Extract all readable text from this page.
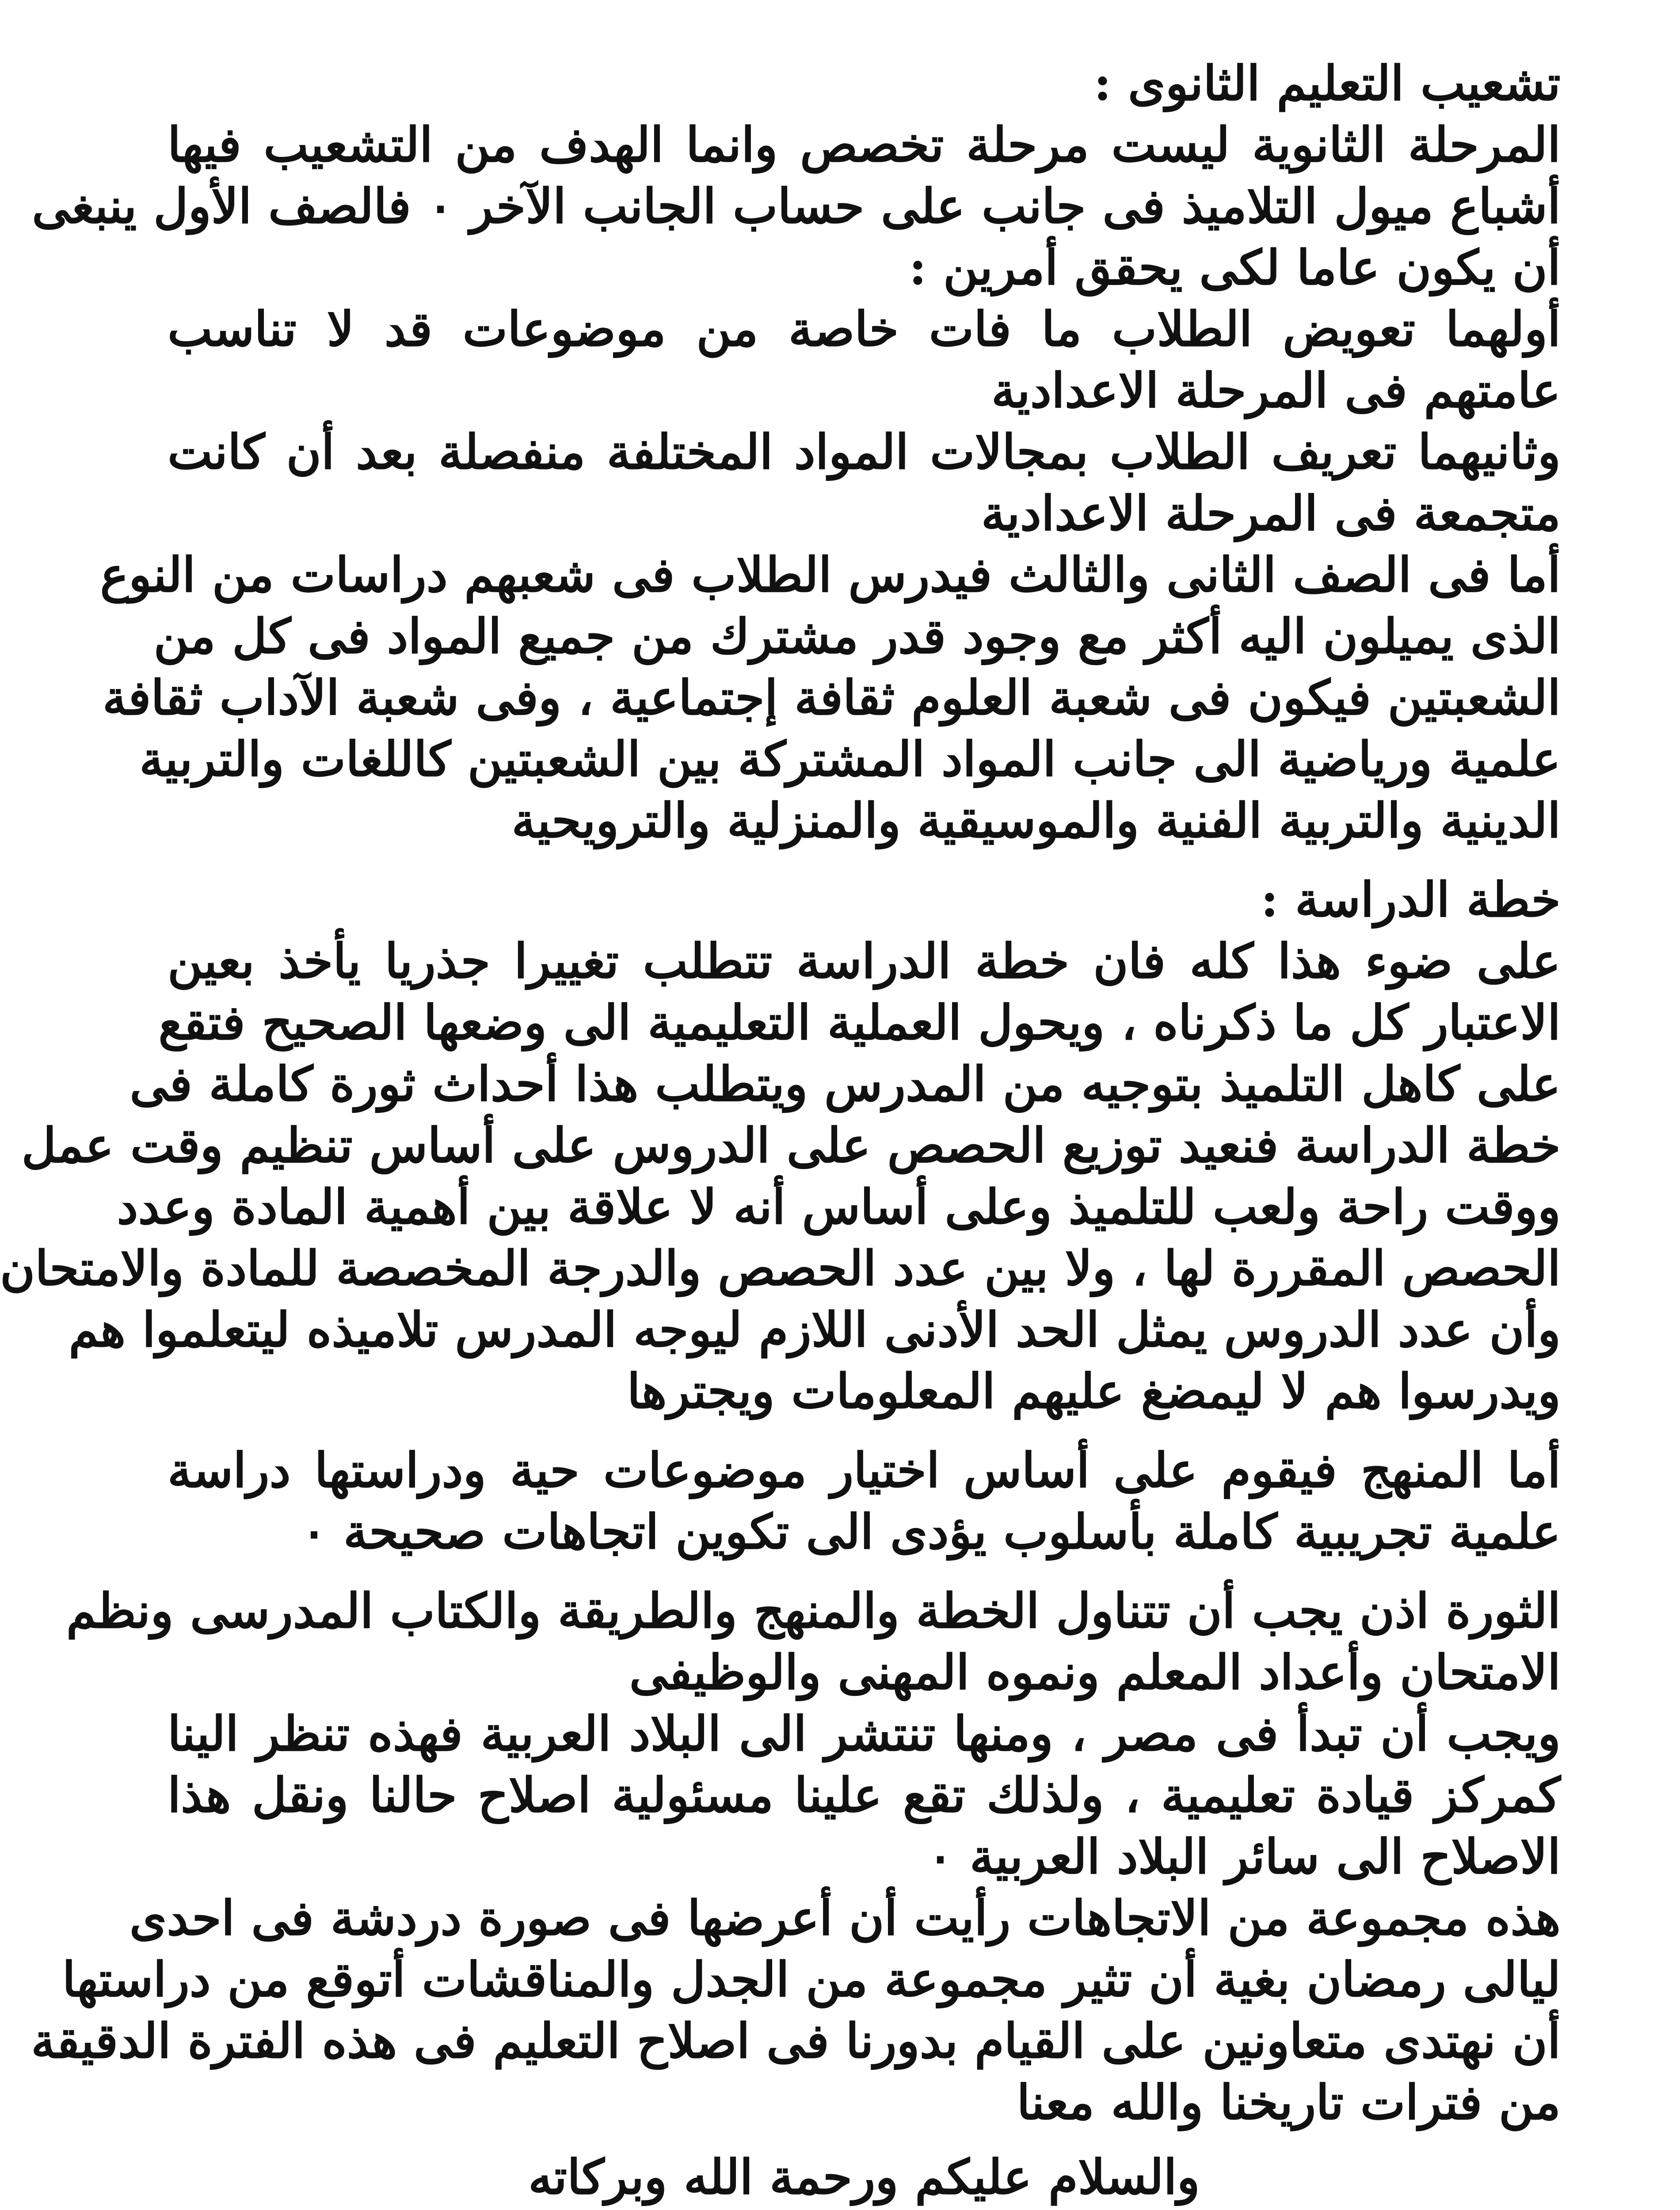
تشعيب التعليم الثانوى :
المرحلة الثانوية ليست مرحلة تخصص وانما الهدف من التشعيب فيها
أشباع ميول التلاميذ فى جانب على حساب الجانب الآخر ٠ فالصف الأول ينبغى
أن يكون عاما لكى يحقق أمرين :
أولهما تعويض الطلاب ما فات خاصة من موضوعات قد لا تناسب
عامتهم فى المرحلة الاعدادية
وثانيهما تعريف الطلاب بمجالات المواد المختلفة منفصلة بعد أن كانت
متجمعة فى المرحلة الاعدادية
أما فى الصف الثانى والثالث فيدرس الطلاب فى شعبهم دراسات من النوع
الذى يميلون اليه أكثر مع وجود قدر مشترك من جميع المواد فى كل من
الشعبتين فيكون فى شعبة العلوم ثقافة إجتماعية ، وفى شعبة الآداب ثقافة
علمية ورياضية الى جانب المواد المشتركة بين الشعبتين كاللغات والتربية
الدينية والتربية الفنية والموسيقية والمنزلية والترويحية
خطة الدراسة :
على ضوء هذا كله فان خطة الدراسة تتطلب تغييرا جذريا يأخذ بعين
الاعتبار كل ما ذكرناه ، ويحول العملية التعليمية الى وضعها الصحيح فتقع
على كاهل التلميذ بتوجيه من المدرس ويتطلب هذا أحداث ثورة كاملة فى
خطة الدراسة فنعيد توزيع الحصص على الدروس على أساس تنظيم وقت عمل
ووقت راحة ولعب للتلميذ وعلى أساس أنه لا علاقة بين أهمية المادة وعدد
الحصص المقررة لها ، ولا بين عدد الحصص والدرجة المخصصة للمادة والامتحان
وأن عدد الدروس يمثل الحد الأدنى اللازم ليوجه المدرس تلاميذه ليتعلموا هم
ويدرسوا هم لا ليمضغ عليهم المعلومات ويجترها
أما المنهج فيقوم على أساس اختيار موضوعات حية ودراستها دراسة
علمية تجريبية كاملة بأسلوب يؤدى الى تكوين اتجاهات صحيحة ٠
الثورة اذن يجب أن تتناول الخطة والمنهج والطريقة والكتاب المدرسى ونظم
الامتحان وأعداد المعلم ونموه المهنى والوظيفى
ويجب أن تبدأ فى مصر ، ومنها تنتشر الى البلاد العربية فهذه تنظر الينا
كمركز قيادة تعليمية ، ولذلك تقع علينا مسئولية اصلاح حالنا ونقل هذا
الاصلاح الى سائر البلاد العربية ٠
هذه مجموعة من الاتجاهات رأيت أن أعرضها فى صورة دردشة فى احدى
ليالى رمضان بغية أن تثير مجموعة من الجدل والمناقشات أتوقع من دراستها
أن نهتدى متعاونين على القيام بدورنا فى اصلاح التعليم فى هذه الفترة الدقيقة
من فترات تاريخنا والله معنا
والسلام عليكم ورحمة الله وبركاته
